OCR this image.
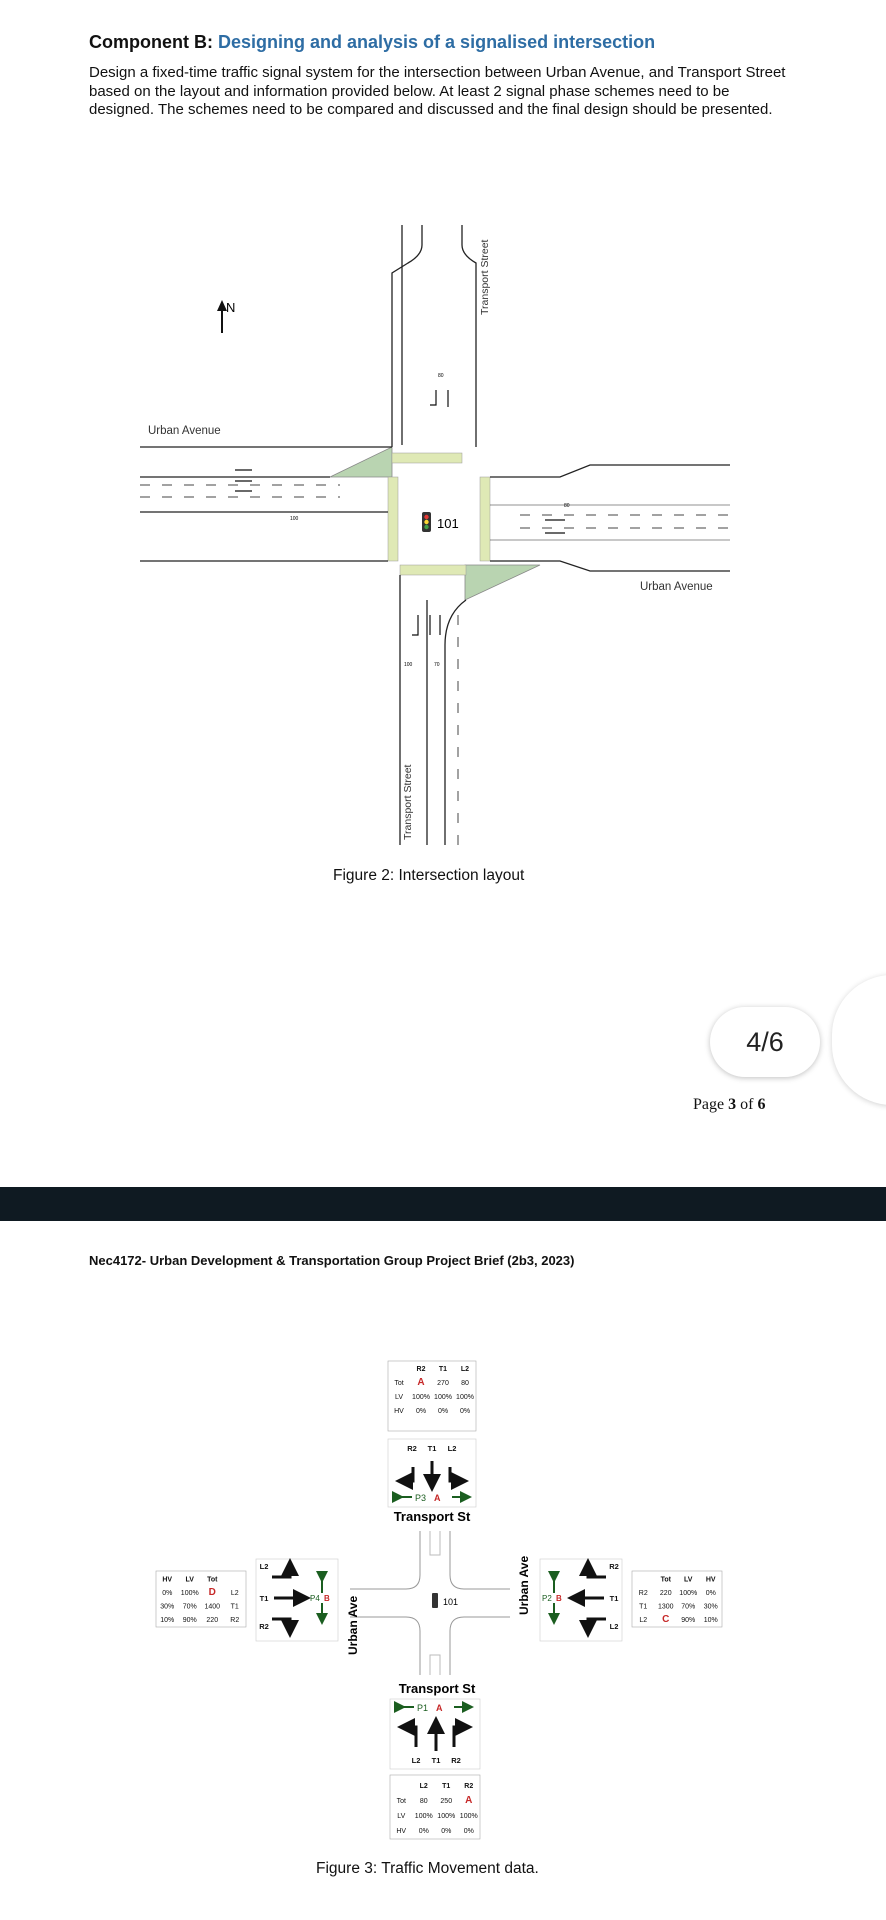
Component B: Designing and analysis of a signalised intersection
Design a fixed-time traffic signal system for the intersection between Urban Avenue, and Transport Street based on the layout and information provided below. At least 2 signal phase schemes need to be designed. The schemes need to be compared and discussed and the final design should be presented.
N
101
80
100
80
100	70
Urban Avenue
Urban Avenue
Transport Street
Transport Street
Figure 2: Intersection layout
4/6
Page 3 of 6
Nec4172- Urban Development & Transportation Group Project Brief (2b3, 2023)
R2 T1 L2
Tot A 270 80
LV 100% 100% 100%
HV 0% 0% 0%
R2 T1 L2
P3 A
Transport St
101
Urban Ave
Urban Ave
L2
T1
R2
P4 B
HV LV Tot
0% 100% D L2
30% 70% 1400 T1
10% 90% 220 R2
R2
T1
L2
P2 B
Tot LV HV
R2 220 100% 0%
T1 1300 70% 30%
L2 C 90% 10%
Transport St
P1 A
L2 T1 R2
L2 T1 R2
Tot 80 250 A
LV 100% 100% 100%
HV 0% 0% 0%
Figure 3: Traffic Movement data.
